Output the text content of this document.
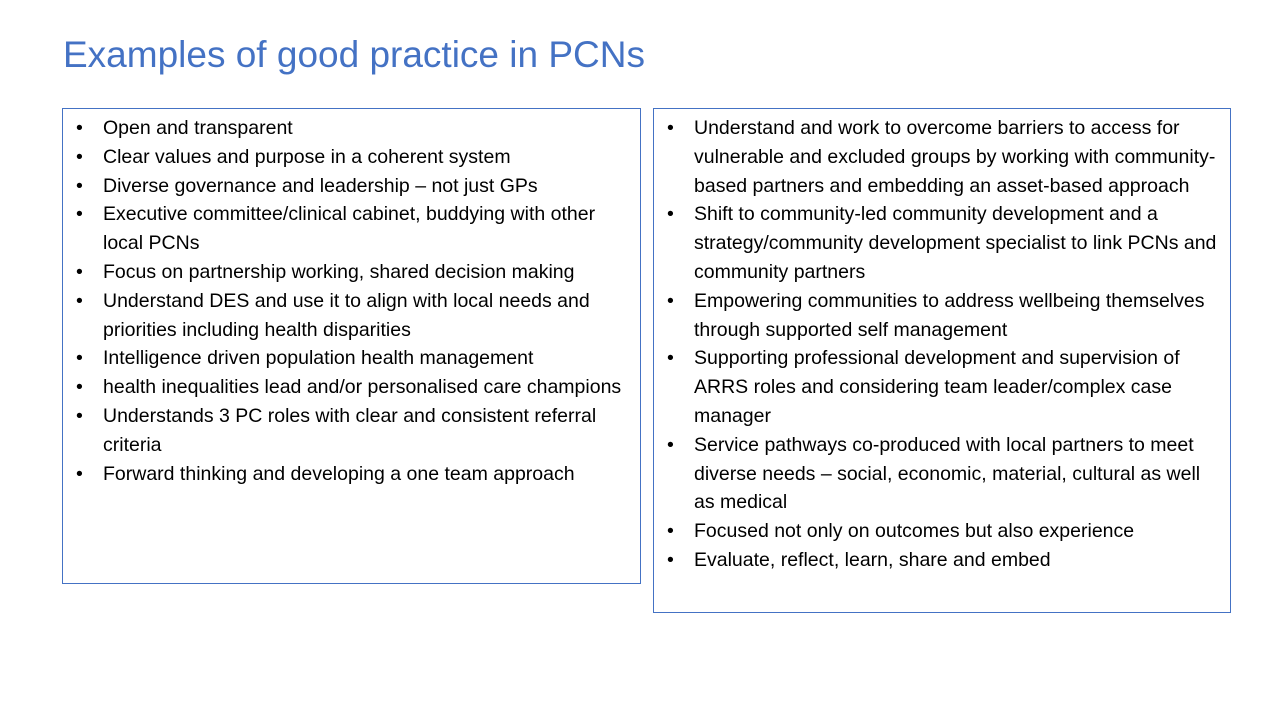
Examples of good practice in PCNs
• Open and transparent
• Clear values and purpose in a coherent system
• Diverse governance and leadership – not just GPs
• Executive committee/clinical cabinet, buddying with other local PCNs
• Focus on partnership working, shared decision making
• Understand DES and use it to align with local needs and priorities including health disparities
• Intelligence driven population health management
• health inequalities lead and/or personalised care champions
• Understands 3 PC roles with clear and consistent referral criteria
• Forward thinking and developing a one team approach
• Understand and work to overcome barriers to access for vulnerable and excluded groups by working with community-based partners and embedding an asset-based approach
• Shift to community-led community development and a strategy/community development specialist to link PCNs and community partners
• Empowering communities to address wellbeing themselves through supported self management
• Supporting professional development and supervision of ARRS roles and considering team leader/complex case manager
• Service pathways co-produced with local partners to meet diverse needs – social, economic, material, cultural as well as medical
• Focused not only on outcomes but also experience
• Evaluate, reflect, learn, share and embed
